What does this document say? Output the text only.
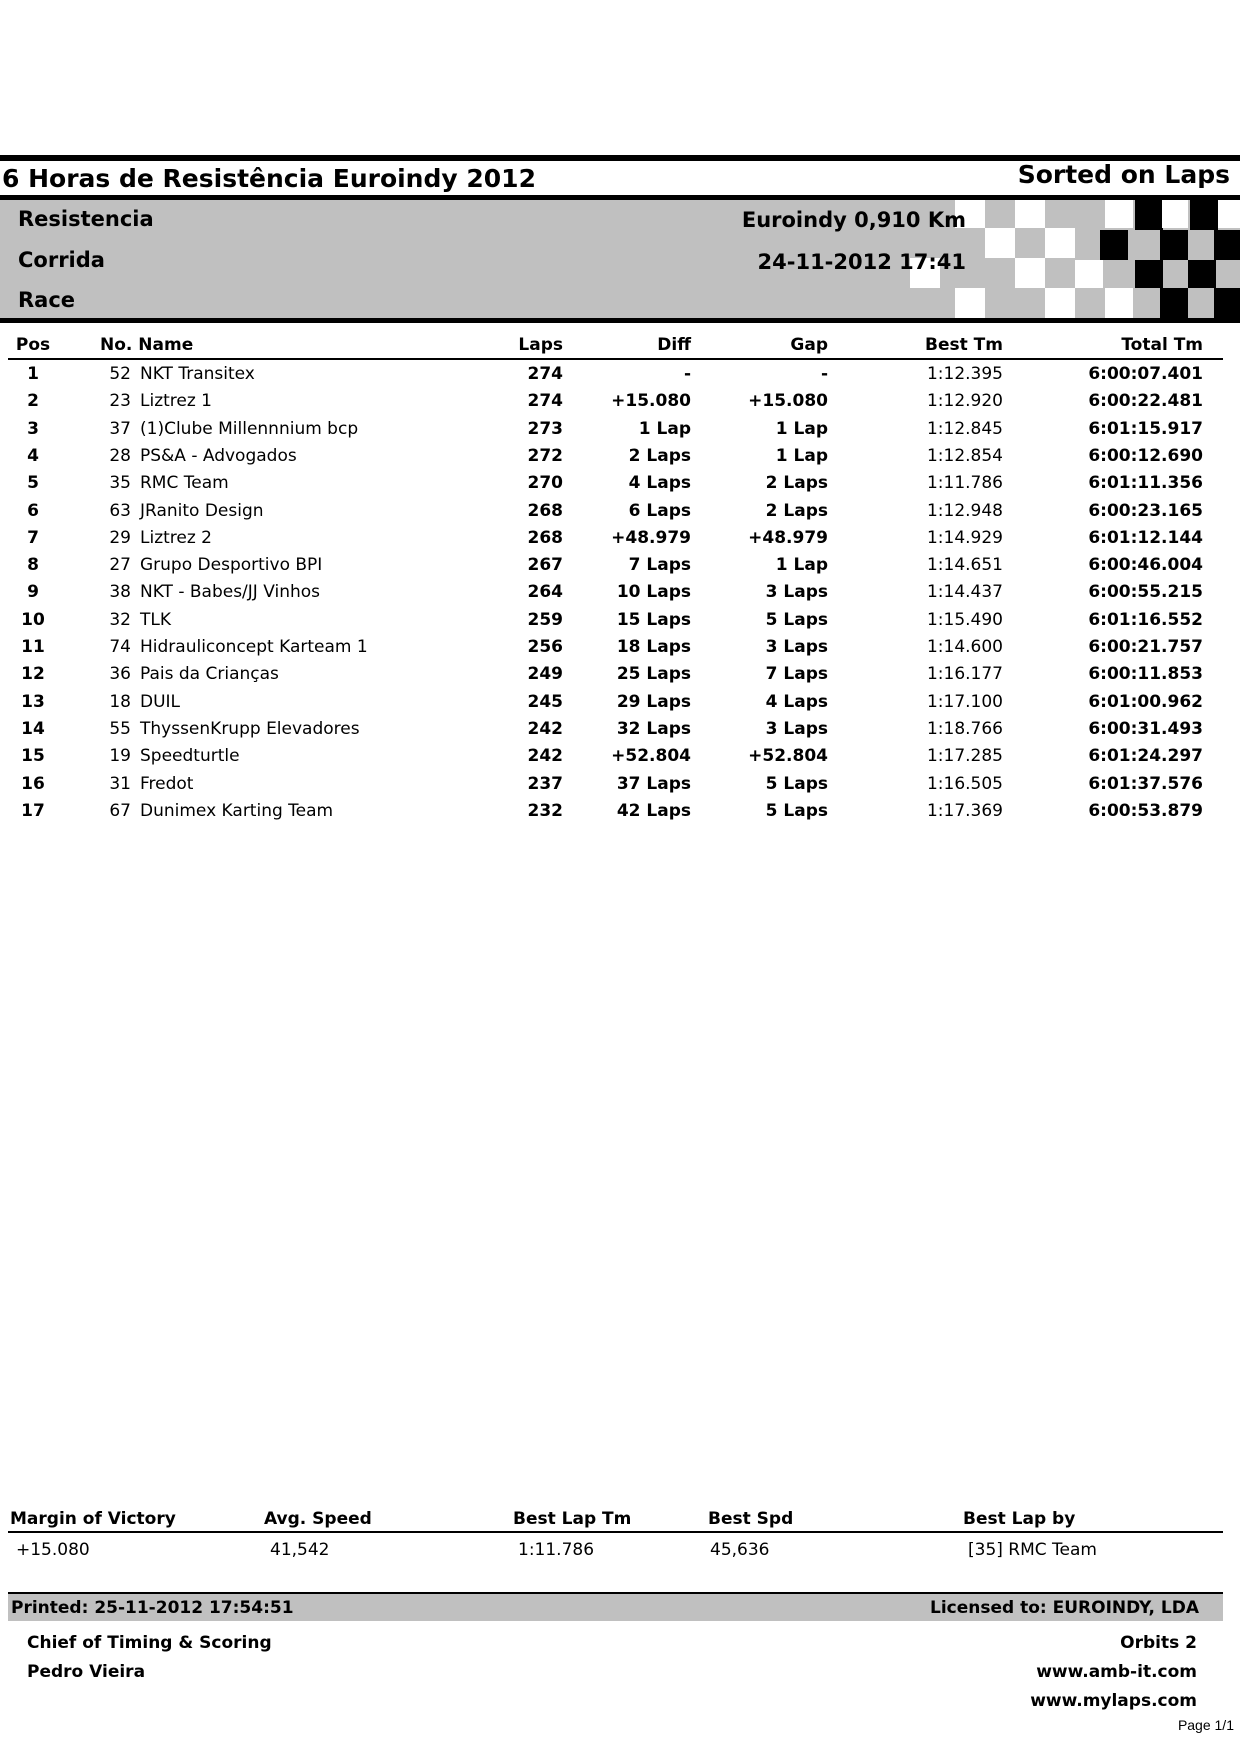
6 Horas de Resistência Euroindy 2012	Sorted on Laps
Resistencia
Corrida
Race
Euroindy 0,910 Km
24-11-2012 17:41
Pos	No. Name	Laps	Diff	Gap	Best Tm	Total Tm
1	52 NKT Transitex	274	-	-	1:12.395	6:00:07.401
2	23 Liztrez 1	274	+15.080	+15.080	1:12.920	6:00:22.481
3	37 (1)Clube Millennnium bcp	273	1 Lap	1 Lap	1:12.845	6:01:15.917
4	28 PS&A - Advogados	272	2 Laps	1 Lap	1:12.854	6:00:12.690
5	35 RMC Team	270	4 Laps	2 Laps	1:11.786	6:01:11.356
6	63 JRanito Design	268	6 Laps	2 Laps	1:12.948	6:00:23.165
7	29 Liztrez 2	268	+48.979	+48.979	1:14.929	6:01:12.144
8	27 Grupo Desportivo BPI	267	7 Laps	1 Lap	1:14.651	6:00:46.004
9	38 NKT - Babes/JJ Vinhos	264	10 Laps	3 Laps	1:14.437	6:00:55.215
10	32 TLK	259	15 Laps	5 Laps	1:15.490	6:01:16.552
11	74 Hidrauliconcept Karteam 1	256	18 Laps	3 Laps	1:14.600	6:00:21.757
12	36 Pais da Crianças	249	25 Laps	7 Laps	1:16.177	6:00:11.853
13	18 DUIL	245	29 Laps	4 Laps	1:17.100	6:01:00.962
14	55 ThyssenKrupp Elevadores	242	32 Laps	3 Laps	1:18.766	6:00:31.493
15	19 Speedturtle	242	+52.804	+52.804	1:17.285	6:01:24.297
16	31 Fredot	237	37 Laps	5 Laps	1:16.505	6:01:37.576
17	67 Dunimex Karting Team	232	42 Laps	5 Laps	1:17.369	6:00:53.879
Margin of Victory	Avg. Speed	Best Lap Tm	Best Spd	Best Lap by
+15.080	41,542	1:11.786	45,636	[35] RMC Team
Printed: 25-11-2012 17:54:51	Licensed to: EUROINDY, LDA
Chief of Timing & Scoring
Pedro Vieira
Orbits 2
www.amb-it.com
www.mylaps.com
Page 1/1
